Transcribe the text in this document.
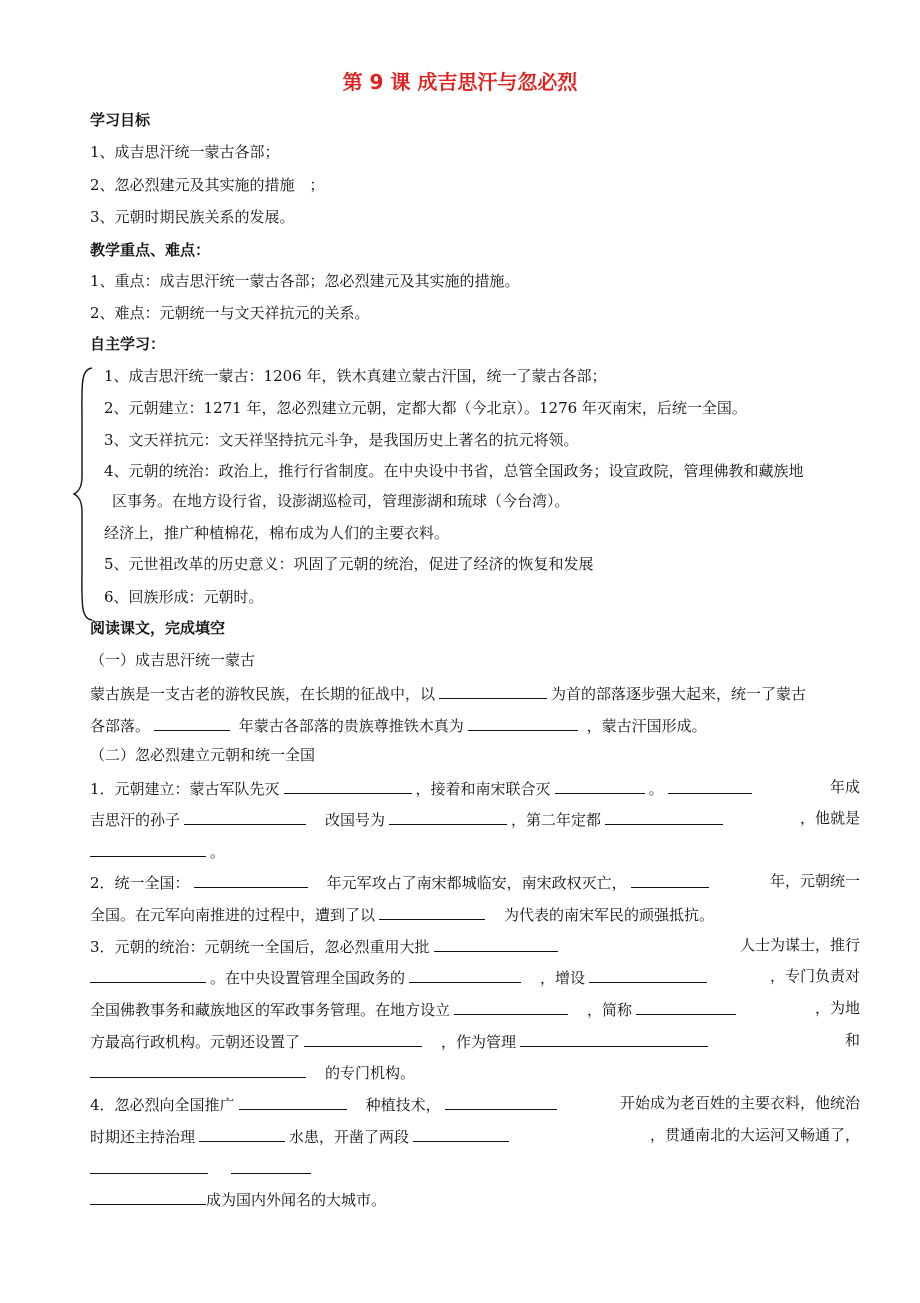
第 9 课 成吉思汗与忽必烈
学习目标
1、成吉思汗统一蒙古各部；
2、忽必烈建元及其实施的措施　；
3、元朝时期民族关系的发展。
教学重点、难点：
1、重点：成吉思汗统一蒙古各部；忽必烈建元及其实施的措施。
2、难点：元朝统一与文天祥抗元的关系。
自主学习：
1、成吉思汗统一蒙古：1206 年，铁木真建立蒙古汗国，统一了蒙古各部；
2、元朝建立：1271 年，忽必烈建立元朝，定都大都（今北京）。1276 年灭南宋，后统一全国。
3、文天祥抗元：文天祥坚持抗元斗争，是我国历史上著名的抗元将领。
4、元朝的统治：政治上，推行行省制度。在中央设中书省，总管全国政务；设宣政院，管理佛教和藏族地
区事务。在地方设行省，设澎湖巡检司，管理澎湖和琉球（今台湾）。
经济上，推广种植棉花，棉布成为人们的主要衣料。
5、元世祖改革的历史意义：巩固了元朝的统治，促进了经济的恢复和发展
6、回族形成：元朝时。
阅读课文，完成填空
（一）成吉思汗统一蒙古
蒙古族是一支古老的游牧民族，在长期的征战中，以	为首的部落逐步强大起来，统一了蒙古
各部落。	年蒙古各部落的贵族尊推铁木真为	，蒙古汗国形成。
（二）忽必烈建立元朝和统一全国
1．元朝建立：蒙古军队先灭	，接着和南宋联合灭	。	年成
吉思汗的孙子　	改国号为	，第二年定都	，他就是
。
2．统一全国：　	年元军攻占了南宋都城临安，南宋政权灭亡，	年，元朝统一
全国。在元军向南推进的过程中，遭到了以　	为代表的南宋军民的顽强抵抗。
3．元朝的统治：元朝统一全国后，忽必烈重用大批	人士为谋士，推行
。在中央设置管理全国政务的　	，增设	，专门负责对
全国佛教事务和藏族地区的军政事务管理。在地方设立　	，简称	，为地
方最高行政机构。元朝还设置了　	，作为管理	和
　的专门机构。
4．忽必烈向全国推广　	种植技术，	开始成为老百姓的主要衣料，他统治
时期还主持治理	水患，开凿了两段	，贯通南北的大运河又畅通了，

成为国内外闻名的大城市。
